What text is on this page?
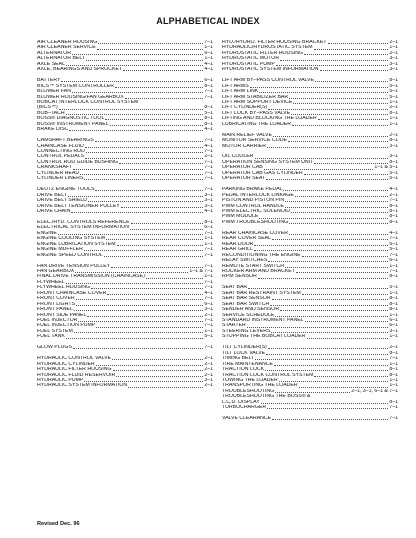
ALPHABETICAL INDEX
AIR CLEANER HOUSING	7–1
AIR CLEANER SERVICE	1–1
ALTERNATOR	6–1
ALTERNATOR BELT	1–1
AXLE SEAL	4–1
AXLE, BEARINGS AND SPROCKET	4–1
BATTERY	6–1
BICS™ SYSTEM CONTROLLER	8–1
BLOWER FAN	7–1
BLOWER HOUSING/FAN GEARBOX	7–1
BOBCAT INTERLOCK CONTROL SYSTEM
(BICS™)	8–1
BOB–TACH	5–1
BOSS® DIAGNOSTIC TOOL	8–1
BOSS® INSTRUMENT PANEL	8–1
BRAKE DISC	4–1
CAMSHAFT BEARINGS	7–1
CHAINCASE FLUID	4–1
CONNECTING ROD	7–1
CONTROL PEDALS	2–1
CONTROL ROD GUIDE BUSHING	7–1
CRANKSHAFT	7–1
CYLINDER HEAD	7–1
CYLINDER LINERS	7–1
DEUTZ ENGINE TOOLS	7–1
DRIVE BELT	3–1
DRIVE BELT SHIELD	3–1
DRIVE BELT TENSIONER PULLEY	3–1
DRIVE CHAIN	4–1
ELEC./HYD. CONTROLS REFERENCE	8–1
ELECTRICAL SYSTEM INFORMATION	6–1
ENGINE	7–1
ENGINE COOLING SYSTEM	1–1
ENGINE LUBRICATION SYSTEM	1–1
ENGINE MUFFLER	7–1
ENGINE SPEED CONTROL	7–1
FAN DRIVE TENSION PULLEY	7–1
FAN GEARBOX	1–1 & 7–1
FINAL DRIVE TRANSMISSION (CHAINCASE)	1–1
FLYWHEEL	7–1
FLYWHEEL HOUSING	7–1
FRONT CHAINCASE COVER	4–1
FRONT COVER	7–1
FRONT LIGHTS	6–1
FRONT PANEL	3–1
FRONT SIDE PANEL	2–1
FUEL INJECTOR	7–1
FUEL INJECTION PUMP	7–1
FUEL SYSTEM	1–1
FUEL TANK	5–1
GLOW PLUGS	7–1
HYDRAULIC CONTROL VALVE	2–1
HYDRAULIC CYLINDER	2–1
HYDRAULIC FILTER HOUSING	2–1
HYDRAULIC FLUID RESERVOIR	2–1
HYDRAULIC PUMP	3–1
HYDRAULIC SYSTEM INFORMATION	2–1
HYD./HYDRO. FILTER HOUSING BRACKET	2–1
HYDRAULIC/HYDROSTATIC SYSTEM	1–1
HYDROSTATIC FILTER HOUSING	2–1
HYDROSTATIC MOTOR	3–1
HYDROSTATIC PUMP	3–1
HYDROSTATIC SYSTEM INFORMATION	3–1
LIFT ARM BY–PASS CONTROL VALVE	8–1
LIFT ARMS	5–1
LIFT ARM LINK	5–1
LIFT ARM STABILIZER BAR	5–1
LIFT ARM SUPPORT DEVICE	1–1
LIFT CYLINDER(S)	2–1
LIFT LOCK BY–PASS VALVE	8–1
LIFTING AND BLOCKING THE LOADER	1–1
LUBRICATING THE LOADER	1–1
MAIN RELIEF VALVE	2–1
MONITOR SERVICE CODE	8–1
MOTOR CARRIER	3–1
OIL COOLER	3–1
OPERATION SENSING SYSTEM UNIT	8–1
OPERATOR CAB	1–1 & 5–1
OPERATOR CAB GAS CYLINDER	5–1
OPERATOR SEAT	5–1
PARKING BRAKE PEDAL	4–1
PEDAL INTERLOCK LINKAGE	2–1
PISTON AND PISTON PIN	7–1
PWM CONTROL HANDLE	8–1
PWM ELECTRIC SOLENOID	8–1
PWM MODULE	8–1
PWM TROUBLESHOOTING	8–1
REAR CHAINCASE COVER	4–1
REAR COVER SEAL	7–1
REAR DOOR	5–1
REAR GRILL	5–1
RECONDITIONING THE ENGINE	7–1
RELAY SWITCHES	6–1
REMOTE START SWITCH	1–1
ROCKER ARM AND BRACKET	7–1
RPM SENSOR	8–1
SEAT BAR	5–1
SEAT BAR RESTRAINT SYSTEM	1–1
SEAT BAR SENSOR	8–1
SEAT BAR SWITCH	8–1
SENDER AND SENSOR	8–1
SERVICE SCHEDULE	1–1
STANDARD INSTRUMENT PANEL	6–1
STARTER	6–1
STEERING LEVERS	3–1
STOPPING THE BOBCAT LOADER	1–1
TILT CYLINDER(S)	2–1
TILT LOCK VALVE	8–1
TIMING BELT	7–1
TIRE MAINTENANCE	1–1
TRACTION LOCK	8–1
TRACTION LOCK CONTROL SYSTEM	8–1
TOWING THE LOADER	1–1
TRANSPORTING THE LOADER	1–1
TROUBLESHOOTING	2–1, 3–1, 6–1 & 7–1
TROUBLESHOOTING THE BOSS® &
L.C.D. DISPLAY	8–1
TURBOCHARGER	7–1
VALVE CLEARANCE	7–1
Revised Dec. 96
